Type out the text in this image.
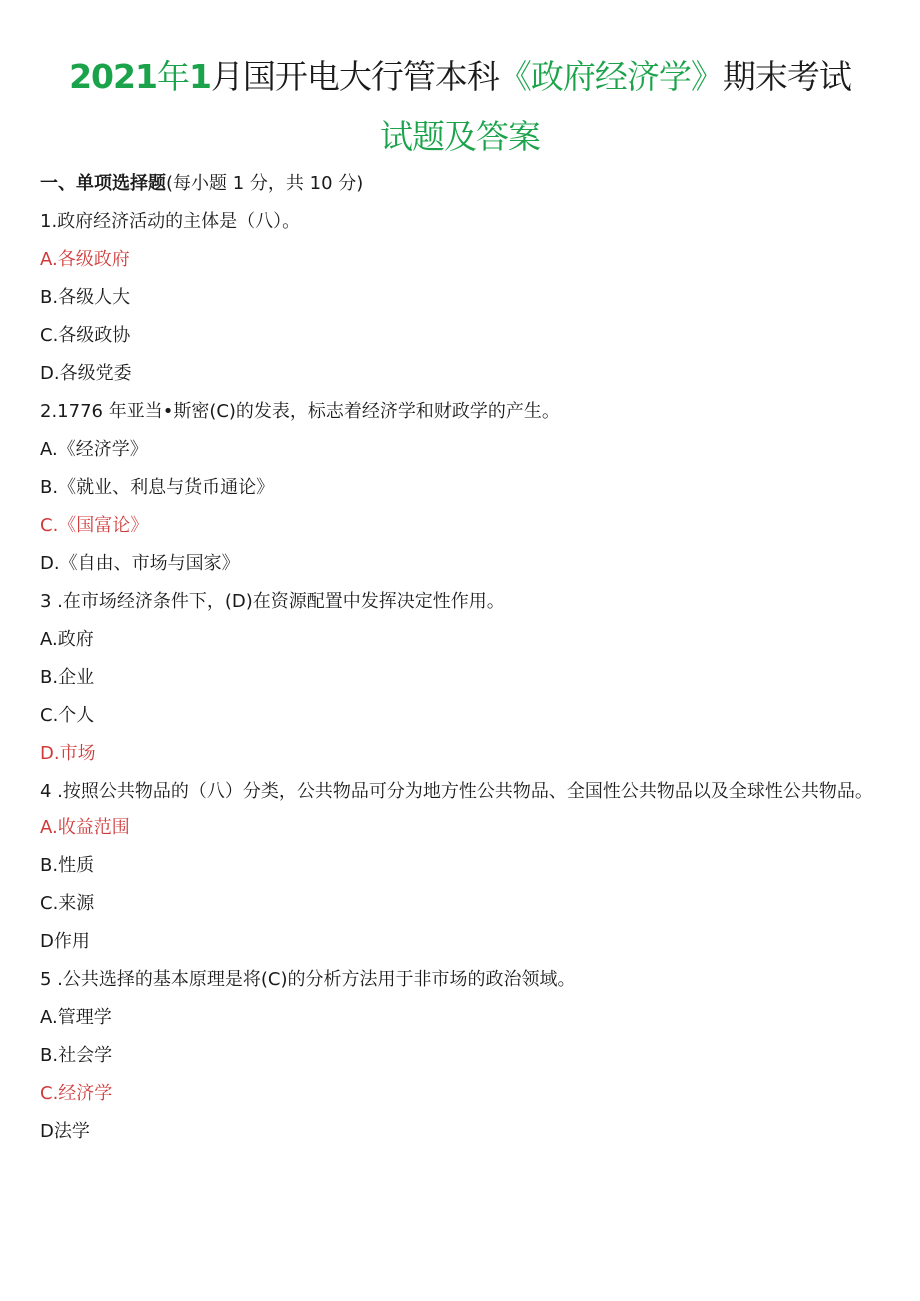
2021年1月国开电大行管本科《政府经济学》期末考试
试题及答案
一、单项选择题(每小题 1 分，共 10 分)
1.政府经济活动的主体是（八）。
A.各级政府
B.各级人大
C.各级政协
D.各级党委
2.1776 年亚当•斯密(C)的发表，标志着经济学和财政学的产生。
A.《经济学》
B.《就业、利息与货币通论》
C.《国富论》
D.《自由、市场与国家》
3 .在市场经济条件下，(D)在资源配置中发挥决定性作用。
A.政府
B.企业
C.个人
D.市场
4 .按照公共物品的（八）分类，公共物品可分为地方性公共物品、全国性公共物品以及全球性公共物品。
A.收益范围
B.性质
C.来源
D作用
5 .公共选择的基本原理是将(C)的分析方法用于非市场的政治领域。
A.管理学
B.社会学
C.经济学
D法学
